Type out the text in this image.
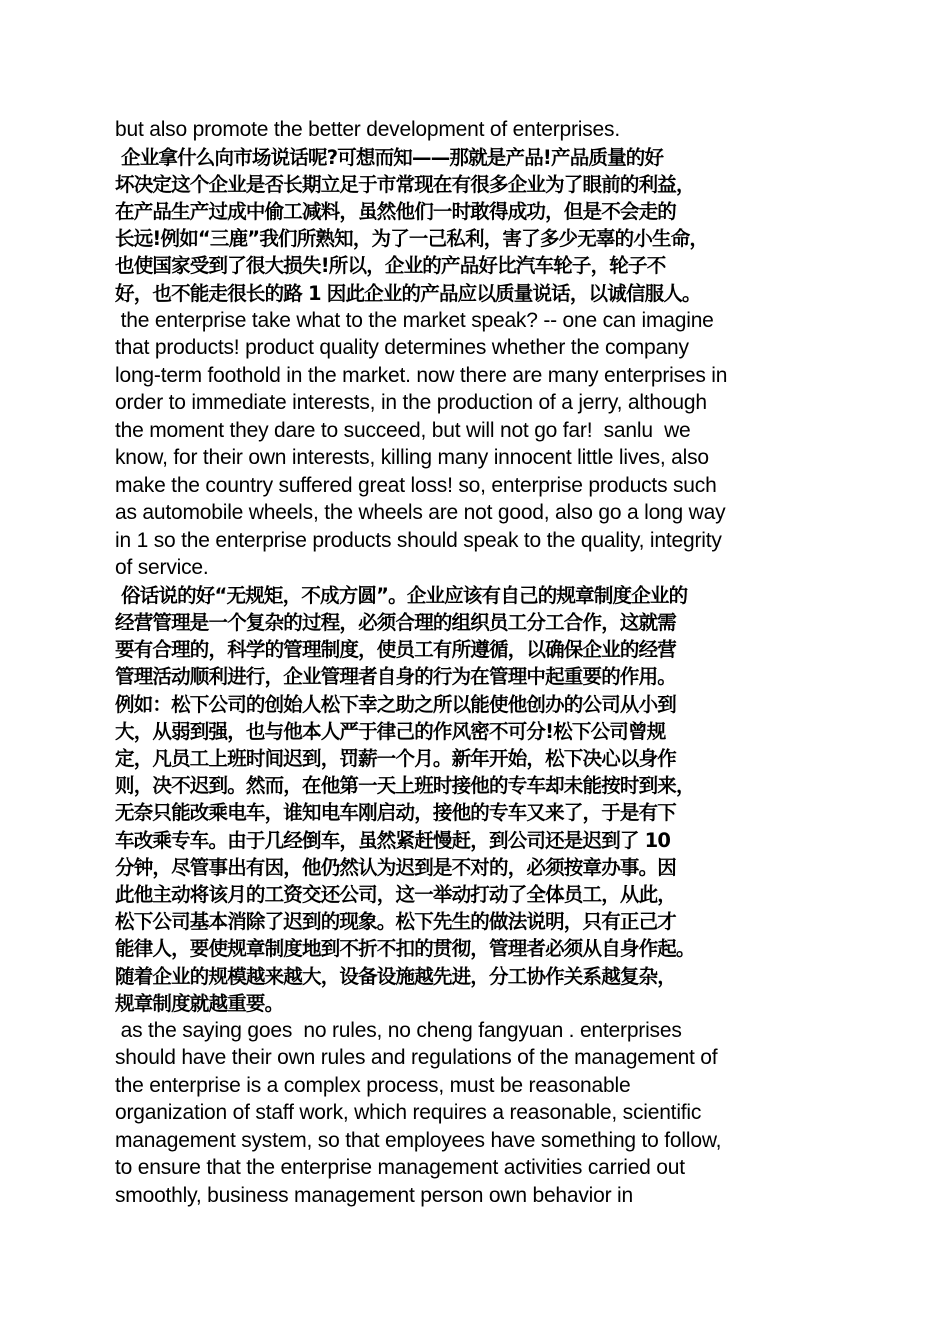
but also promote the better development of enterprises.
企业拿什么向市场说话呢?可想而知——那就是产品!产品质量的好
坏决定这个企业是否长期立足于市常现在有很多企业为了眼前的利益，
在产品生产过成中偷工减料，虽然他们一时敢得成功，但是不会走的
长远!例如“三鹿”我们所熟知，为了一己私利，害了多少无辜的小生命，
也使国家受到了很大损失!所以，企业的产品好比汽车轮子，轮子不
好，也不能走很长的路 1 因此企业的产品应以质量说话，以诚信服人。
the enterprise take what to the market speak? -- one can imagine
that products! product quality determines whether the company
long-term foothold in the market. now there are many enterprises in
order to immediate interests, in the production of a jerry, although
the moment they dare to succeed, but will not go far!  sanlu  we
know, for their own interests, killing many innocent little lives, also
make the country suffered great loss! so, enterprise products such
as automobile wheels, the wheels are not good, also go a long way
in 1 so the enterprise products should speak to the quality, integrity
of service.
俗话说的好“无规矩，不成方圆”。企业应该有自己的规章制度企业的
经营管理是一个复杂的过程，必须合理的组织员工分工合作，这就需
要有合理的，科学的管理制度，使员工有所遵循，以确保企业的经营
管理活动顺利进行，企业管理者自身的行为在管理中起重要的作用。
例如：松下公司的创始人松下幸之助之所以能使他创办的公司从小到
大，从弱到强，也与他本人严于律己的作风密不可分!松下公司曾规
定，凡员工上班时间迟到，罚薪一个月。新年开始，松下决心以身作
则，决不迟到。然而，在他第一天上班时接他的专车却未能按时到来，
无奈只能改乘电车，谁知电车刚启动，接他的专车又来了，于是有下
车改乘专车。由于几经倒车，虽然紧赶慢赶，到公司还是迟到了 10
分钟，尽管事出有因，他仍然认为迟到是不对的，必须按章办事。因
此他主动将该月的工资交还公司，这一举动打动了全体员工，从此，
松下公司基本消除了迟到的现象。松下先生的做法说明，只有正己才
能律人，要使规章制度地到不折不扣的贯彻，管理者必须从自身作起。
随着企业的规模越来越大，设备设施越先进，分工协作关系越复杂，
规章制度就越重要。
as the saying goes  no rules, no cheng fangyuan . enterprises
should have their own rules and regulations of the management of
the enterprise is a complex process, must be reasonable
organization of staff work, which requires a reasonable, scientific
management system, so that employees have something to follow,
to ensure that the enterprise management activities carried out
smoothly, business management person own behavior in
